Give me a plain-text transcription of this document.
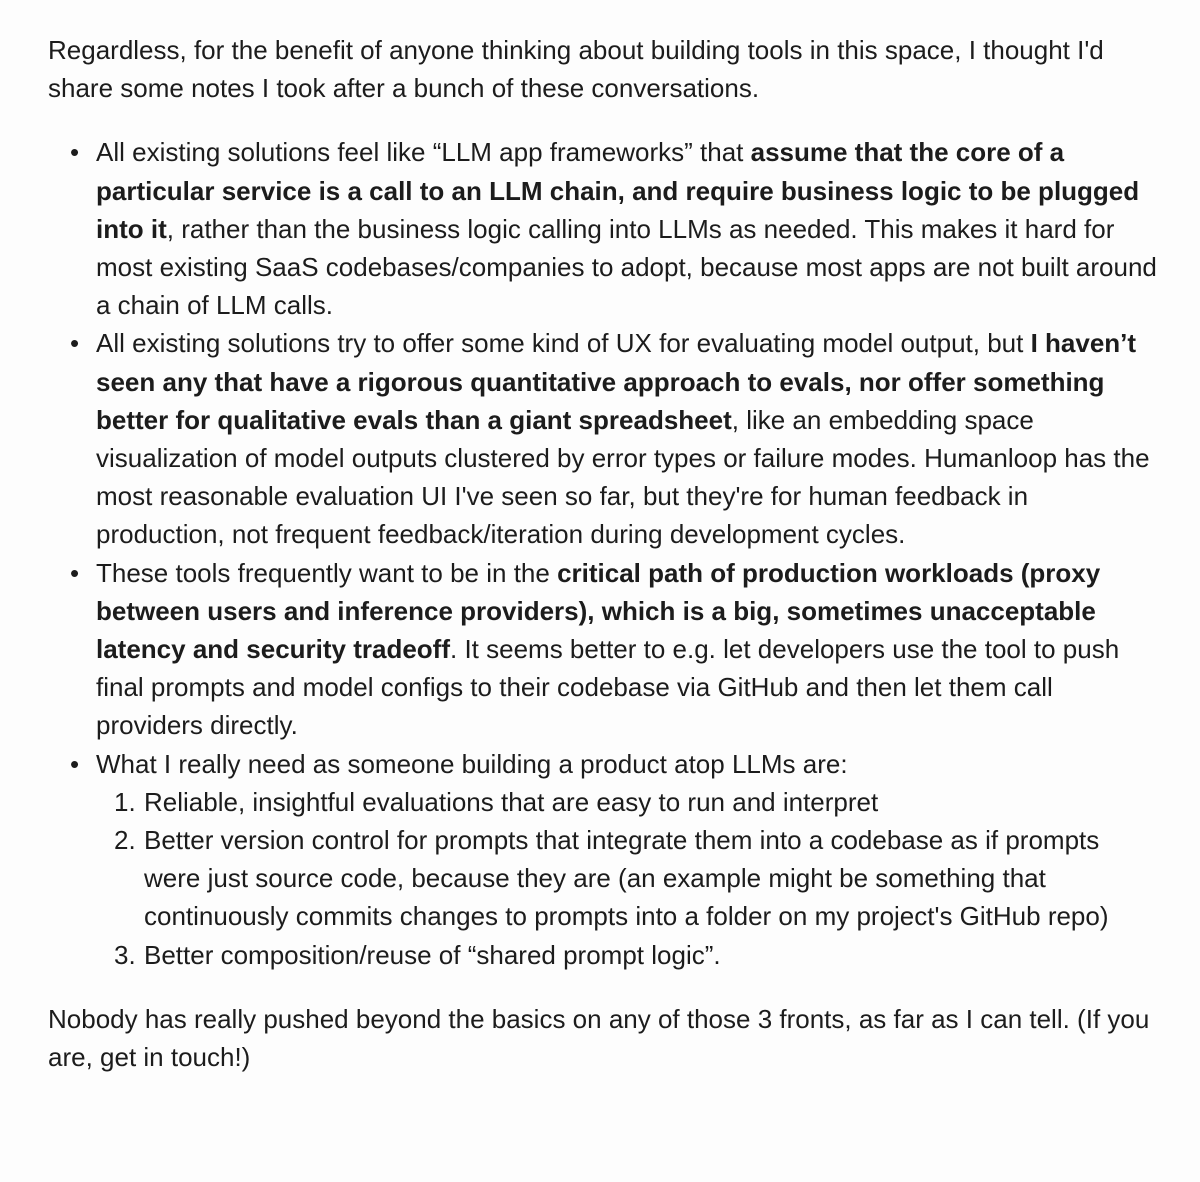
Regardless, for the benefit of anyone thinking about building tools in this space, I thought I'd share some notes I took after a bunch of these conversations.

• All existing solutions feel like “LLM app frameworks” that assume that the core of a particular service is a call to an LLM chain, and require business logic to be plugged into it, rather than the business logic calling into LLMs as needed. This makes it hard for most existing SaaS codebases/companies to adopt, because most apps are not built around a chain of LLM calls.
• All existing solutions try to offer some kind of UX for evaluating model output, but I haven’t seen any that have a rigorous quantitative approach to evals, nor offer something better for qualitative evals than a giant spreadsheet, like an embedding space visualization of model outputs clustered by error types or failure modes. Humanloop has the most reasonable evaluation UI I've seen so far, but they're for human feedback in production, not frequent feedback/iteration during development cycles.
• These tools frequently want to be in the critical path of production workloads (proxy between users and inference providers), which is a big, sometimes unacceptable latency and security tradeoff. It seems better to e.g. let developers use the tool to push final prompts and model configs to their codebase via GitHub and then let them call providers directly.
• What I really need as someone building a product atop LLMs are:
1. Reliable, insightful evaluations that are easy to run and interpret
2. Better version control for prompts that integrate them into a codebase as if prompts were just source code, because they are (an example might be something that continuously commits changes to prompts into a folder on my project's GitHub repo)
3. Better composition/reuse of “shared prompt logic”.

Nobody has really pushed beyond the basics on any of those 3 fronts, as far as I can tell. (If you are, get in touch!)
